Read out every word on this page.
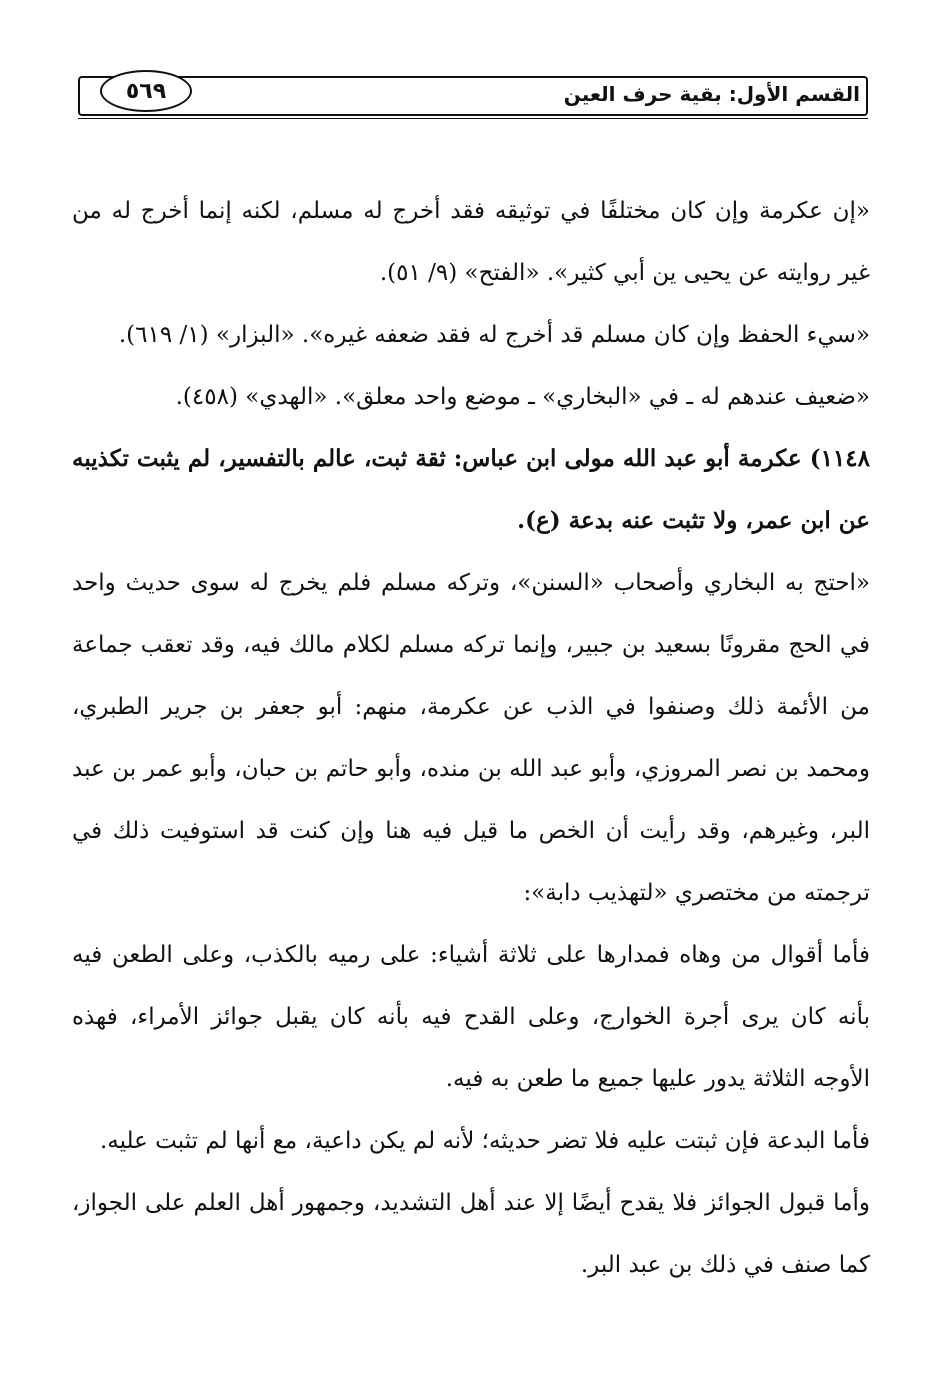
٥٦٩	القسم الأول: بقية حرف العين

«إن عكرمة وإن كان مختلفًا في توثيقه فقد أخرج له مسلم، لكنه إنما أخرج له من غير روايته عن يحيى ين أبي كثير». «الفتح» (٩/ ٥١).

«سيء الحفظ وإن كان مسلم قد أخرج له فقد ضعفه غيره». «البزار» (١/ ٦١٩).

«ضعيف عندهم له ـ في «البخاري» ـ موضع واحد معلق». «الهدي» (٤٥٨).

١١٤٨) عكرمة أبو عبد الله مولى ابن عباس: ثقة ثبت، عالم بالتفسير، لم يثبت تكذيبه عن ابن عمر، ولا تثبت عنه بدعة (ع).

«احتج به البخاري وأصحاب «السنن»، وتركه مسلم فلم يخرج له سوى حديث واحد في الحج مقرونًا بسعيد بن جبير، وإنما تركه مسلم لكلام مالك فيه، وقد تعقب جماعة من الأئمة ذلك وصنفوا في الذب عن عكرمة، منهم: أبو جعفر بن جرير الطبري، ومحمد بن نصر المروزي، وأبو عبد الله بن منده، وأبو حاتم بن حبان، وأبو عمر بن عبد البر، وغيرهم، وقد رأيت أن الخص ما قيل فيه هنا وإن كنت قد استوفيت ذلك في ترجمته من مختصري «لتهذيب دابة»:

فأما أقوال من وهاه فمدارها على ثلاثة أشياء: على رميه بالكذب، وعلى الطعن فيه بأنه كان يرى أجرة الخوارج، وعلى القدح فيه بأنه كان يقبل جوائز الأمراء، فهذه الأوجه الثلاثة يدور عليها جميع ما طعن به فيه.

فأما البدعة فإن ثبتت عليه فلا تضر حديثه؛ لأنه لم يكن داعية، مع أنها لم تثبت عليه.

وأما قبول الجوائز فلا يقدح أيضًا إلا عند أهل التشديد، وجمهور أهل العلم على الجواز، كما صنف في ذلك بن عبد البر.
